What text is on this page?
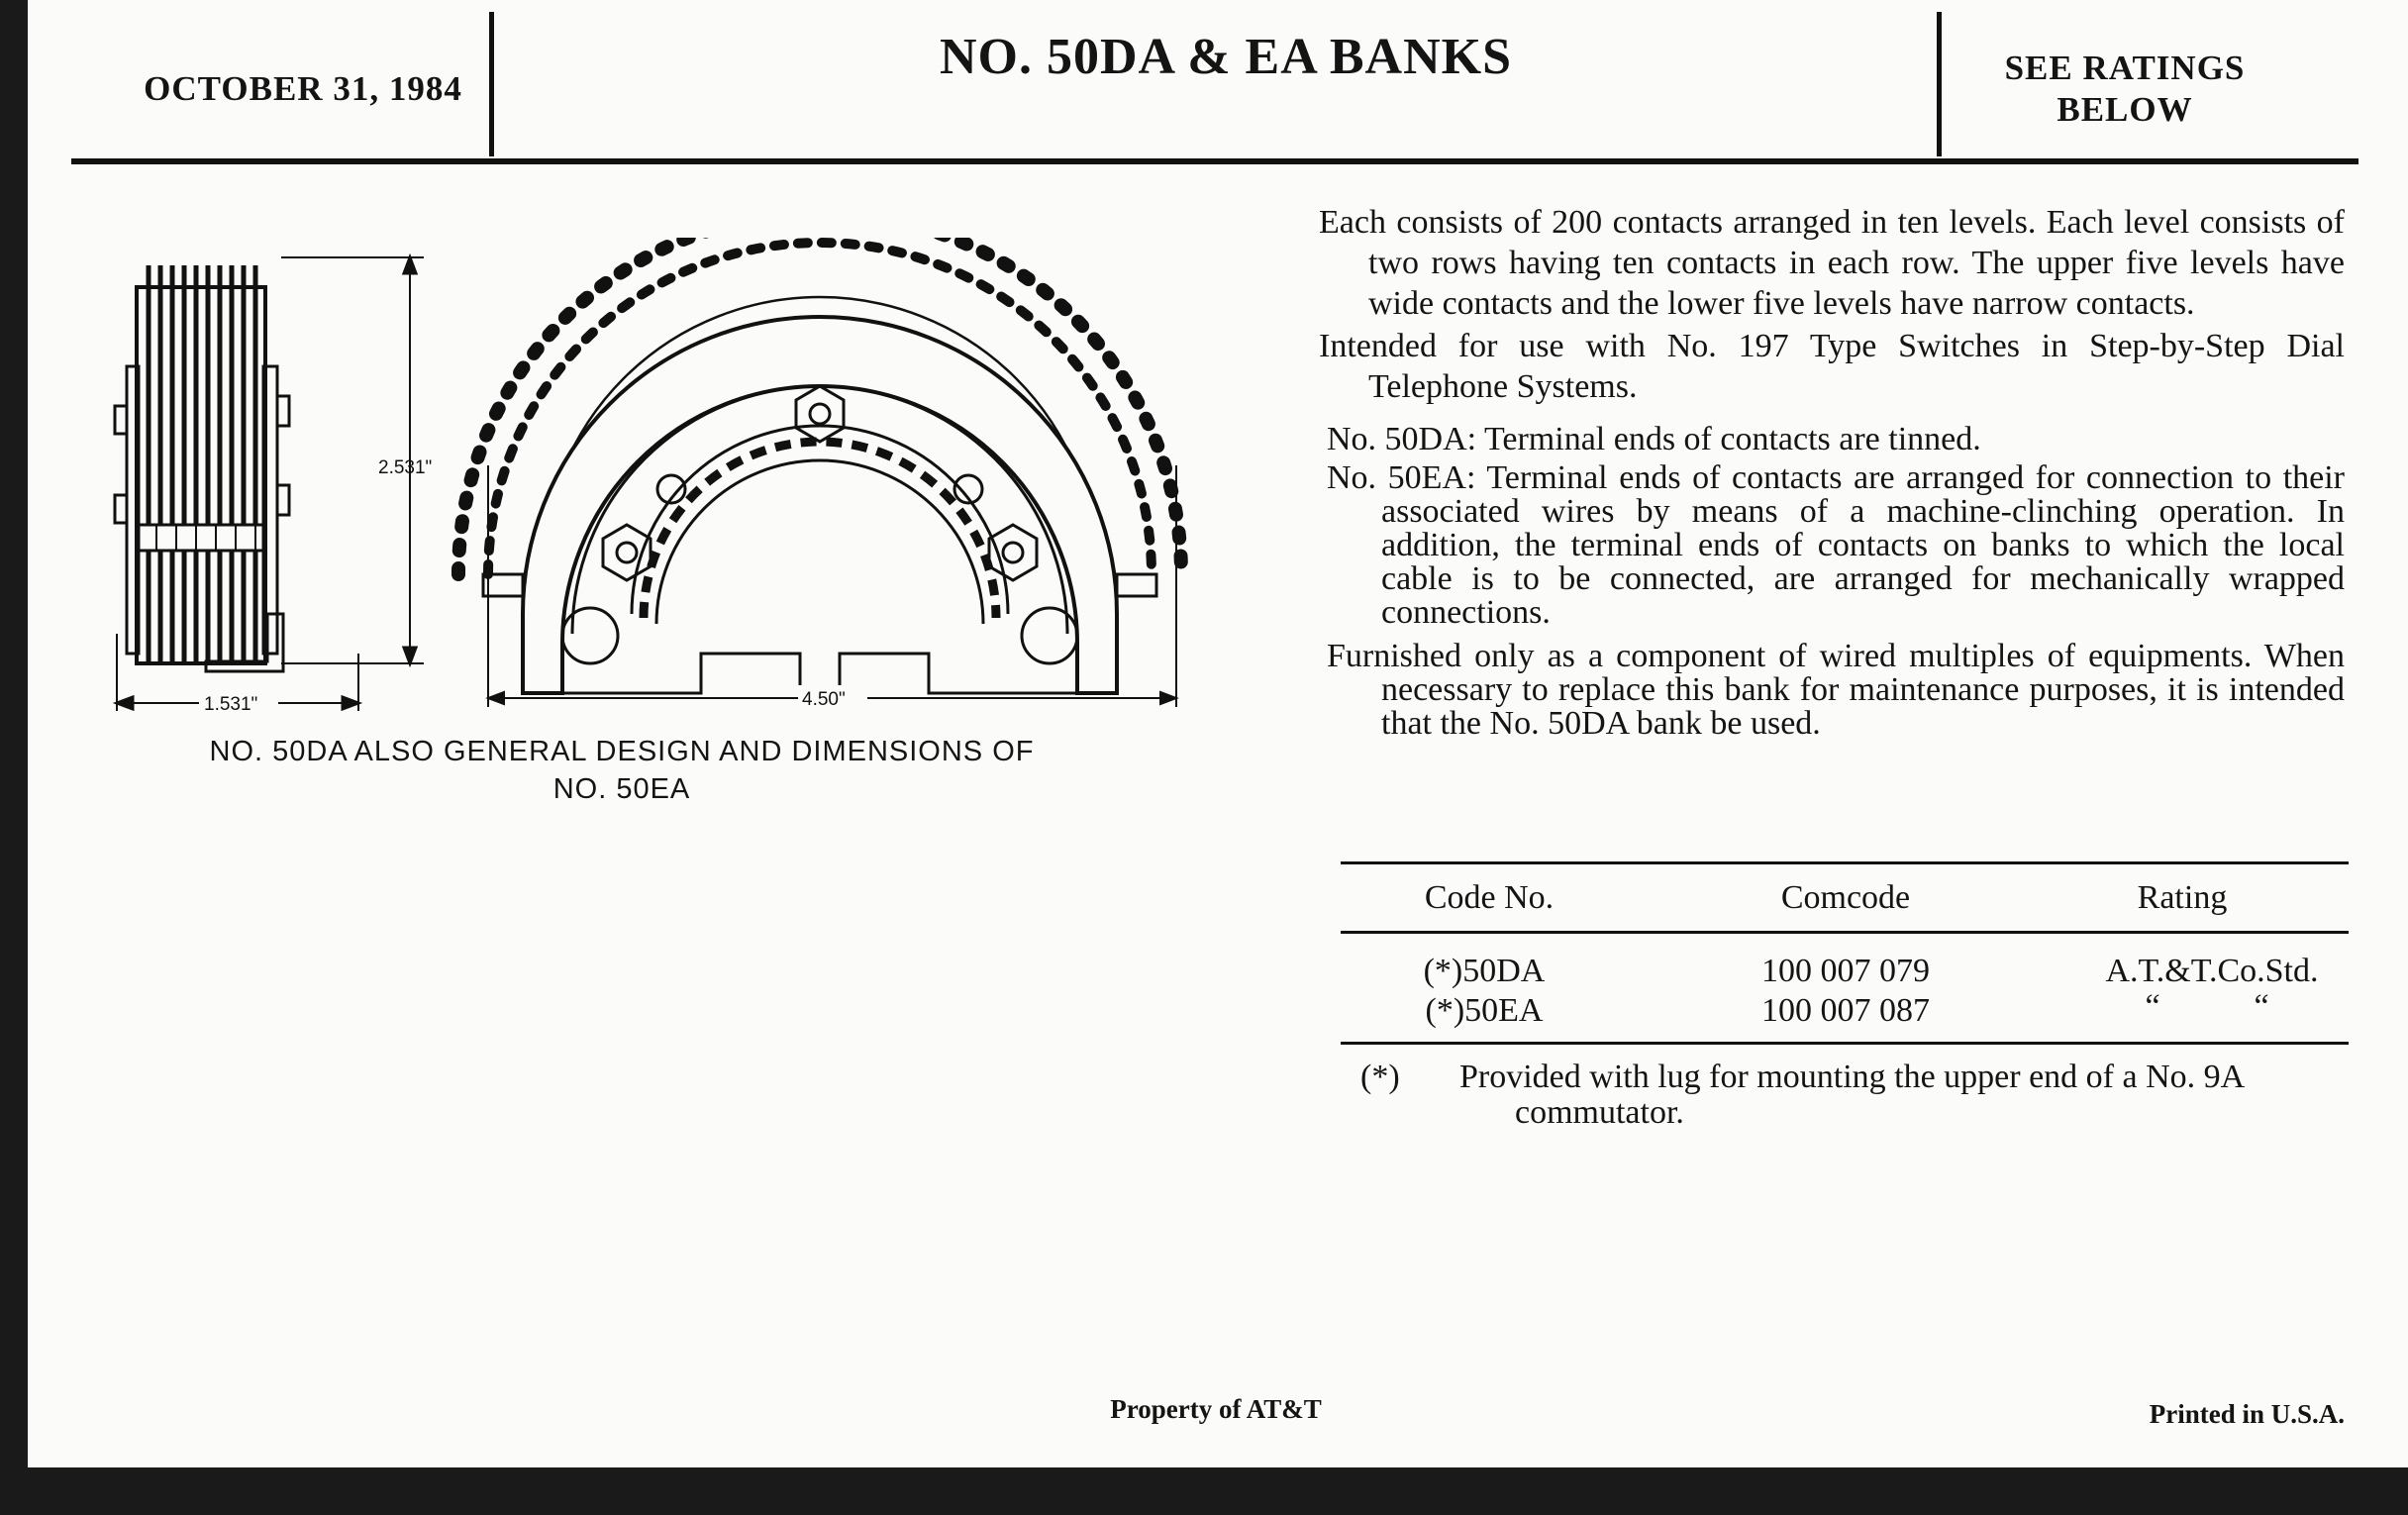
OCTOBER 31, 1984
NO. 50DA & EA BANKS	SEE RATINGS
BELOW
2.531"
1.531"	4.50"
NO. 50DA ALSO GENERAL DESIGN AND DIMENSIONS OF
NO. 50EA

Each consists of 200 contacts arranged in ten levels. Each level consists of two rows having ten contacts in each row. The upper five levels have wide contacts and the lower five levels have narrow contacts.

Intended for use with No. 197 Type Switches in Step-by-Step Dial Telephone Systems.

No. 50DA: Terminal ends of contacts are tinned.

No. 50EA: Terminal ends of contacts are arranged for connection to their associated wires by means of a machine-clinching operation. In addition, the terminal ends of contacts on banks to which the local cable is to be connected, are arranged for mechanically wrapped connections.

Furnished only as a component of wired multiples of equipments. When necessary to replace this bank for maintenance purposes, it is intended that the No. 50DA bank be used.

Code No.	Comcode	Rating
(*)50DA	100 007 079	A.T.&T.Co.Std.
(*)50EA	100 007 087	“	“
(*) Provided with lug for mounting the upper end of a No. 9A commutator.
Property of AT&T	Printed in U.S.A.
